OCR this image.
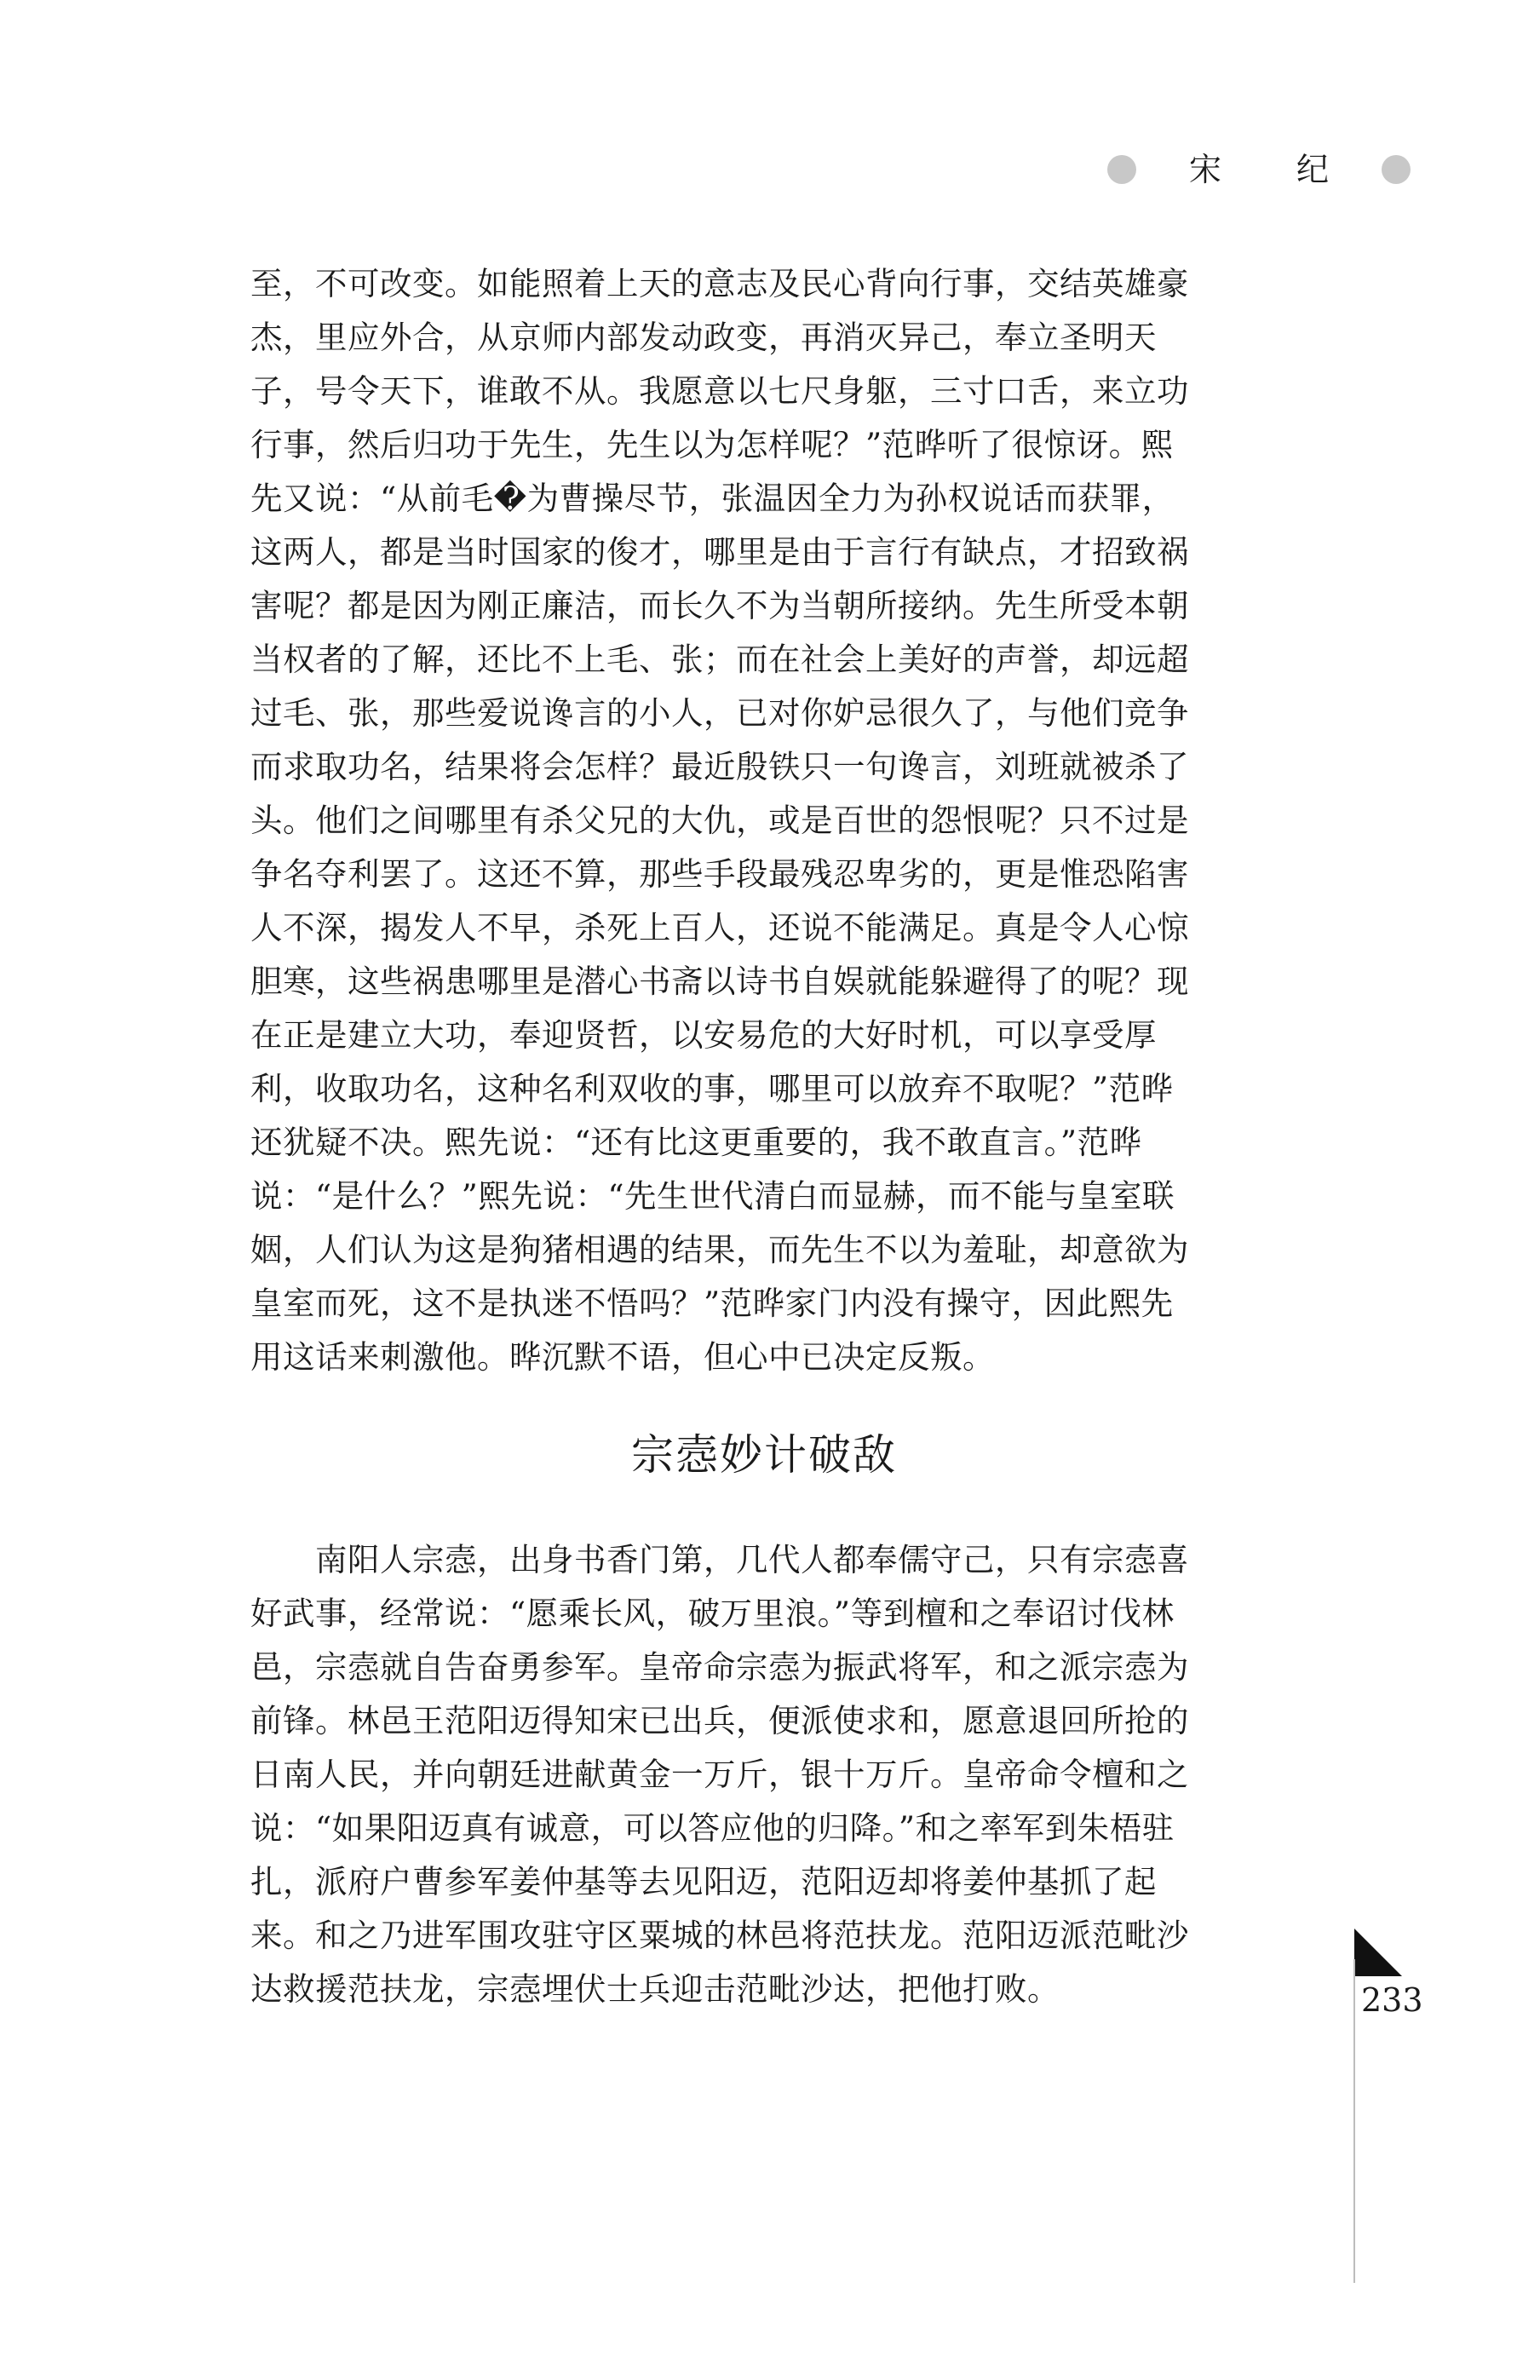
宋 纪
至，不可改变。如能照着上天的意志及民心背向行事，交结英雄豪
杰，里应外合，从京师内部发动政变，再消灭异己，奉立圣明天
子，号令天下，谁敢不从。我愿意以七尺身躯，三寸口舌，来立功
行事，然后归功于先生，先生以为怎样呢？”范晔听了很惊讶。熙
先又说：“从前毛�为曹操尽节，张温因全力为孙权说话而获罪，
这两人，都是当时国家的俊才，哪里是由于言行有缺点，才招致祸
害呢？都是因为刚正廉洁，而长久不为当朝所接纳。先生所受本朝
当权者的了解，还比不上毛、张；而在社会上美好的声誉，却远超
过毛、张，那些爱说谗言的小人，已对你妒忌很久了，与他们竞争
而求取功名，结果将会怎样？最近殷铁只一句谗言，刘班就被杀了
头。他们之间哪里有杀父兄的大仇，或是百世的怨恨呢？只不过是
争名夺利罢了。这还不算，那些手段最残忍卑劣的，更是惟恐陷害
人不深，揭发人不早，杀死上百人，还说不能满足。真是令人心惊
胆寒，这些祸患哪里是潜心书斋以诗书自娱就能躲避得了的呢？现
在正是建立大功，奉迎贤哲，以安易危的大好时机，可以享受厚
利，收取功名，这种名利双收的事，哪里可以放弃不取呢？”范晔
还犹疑不决。熙先说：“还有比这更重要的，我不敢直言。”范晔
说：“是什么？”熙先说：“先生世代清白而显赫，而不能与皇室联
姻，人们认为这是狗猪相遇的结果，而先生不以为羞耻，却意欲为
皇室而死，这不是执迷不悟吗？”范晔家门内没有操守，因此熙先
用这话来刺激他。晔沉默不语，但心中已决定反叛。
宗悫妙计破敌
　　南阳人宗悫，出身书香门第，几代人都奉儒守己，只有宗悫喜
好武事，经常说：“愿乘长风，破万里浪。”等到檀和之奉诏讨伐林
邑，宗悫就自告奋勇参军。皇帝命宗悫为振武将军，和之派宗悫为
前锋。林邑王范阳迈得知宋已出兵，便派使求和，愿意退回所抢的
日南人民，并向朝廷进献黄金一万斤，银十万斤。皇帝命令檀和之
说：“如果阳迈真有诚意，可以答应他的归降。”和之率军到朱梧驻
扎，派府户曹参军姜仲基等去见阳迈，范阳迈却将姜仲基抓了起
来。和之乃进军围攻驻守区粟城的林邑将范扶龙。范阳迈派范毗沙
达救援范扶龙，宗悫埋伏士兵迎击范毗沙达，把他打败。	233
